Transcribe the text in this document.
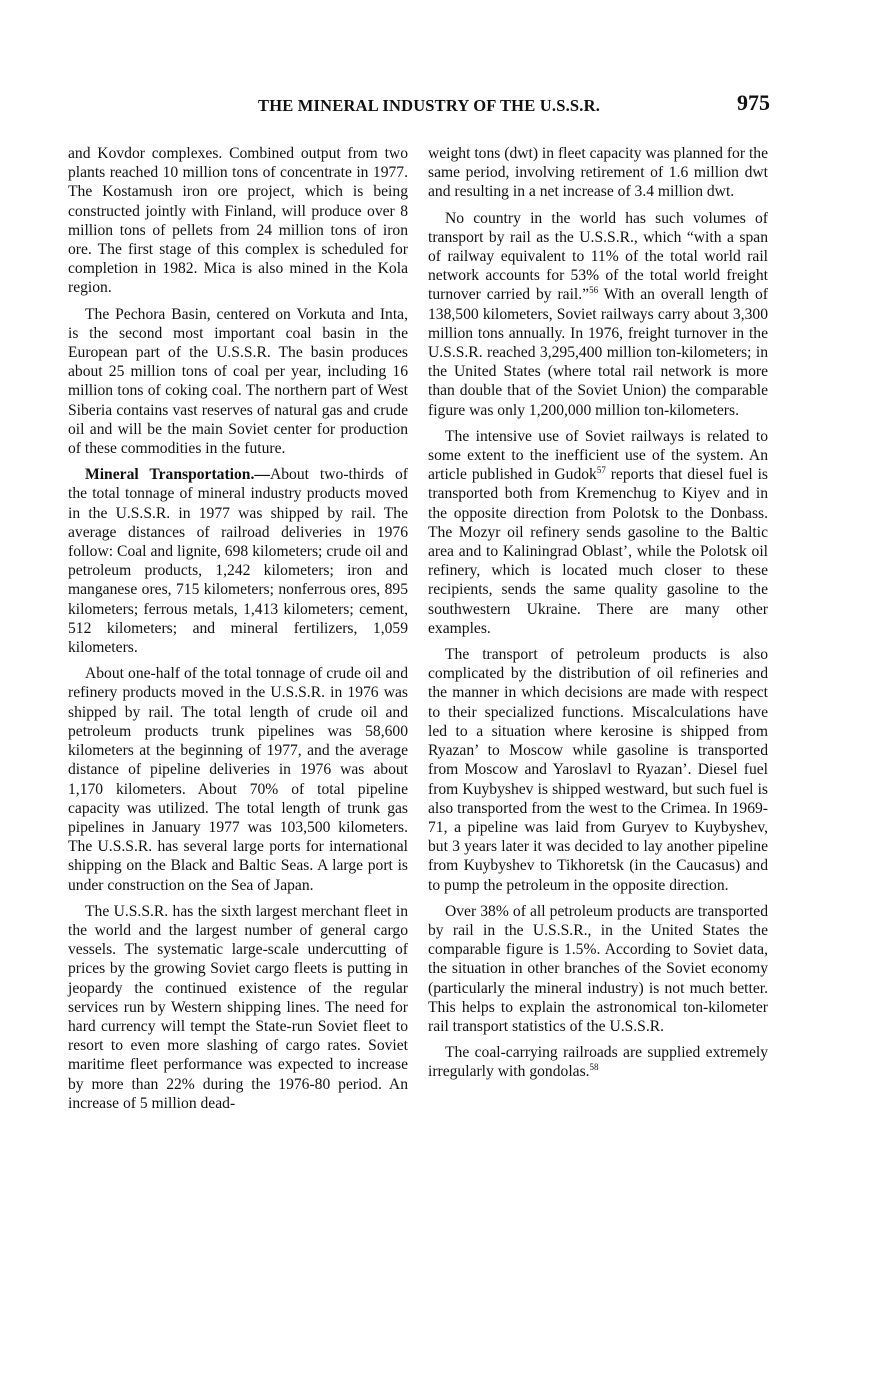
THE MINERAL INDUSTRY OF THE U.S.S.R.	975

and Kovdor complexes. Combined output from two plants reached 10 million tons of concentrate in 1977. The Kostamush iron ore project, which is being constructed jointly with Finland, will produce over 8 million tons of pellets from 24 million tons of iron ore. The first stage of this complex is scheduled for completion in 1982. Mica is also mined in the Kola region.

The Pechora Basin, centered on Vorkuta and Inta, is the second most important coal basin in the European part of the U.S.S.R. The basin produces about 25 million tons of coal per year, including 16 million tons of coking coal. The northern part of West Siberia contains vast reserves of natural gas and crude oil and will be the main Soviet center for production of these commodities in the future.

Mineral Transportation.—About two-thirds of the total tonnage of mineral industry products moved in the U.S.S.R. in 1977 was shipped by rail. The average distances of railroad deliveries in 1976 follow: Coal and lignite, 698 kilometers; crude oil and petroleum products, 1,242 kilometers; iron and manganese ores, 715 kilometers; nonferrous ores, 895 kilometers; ferrous metals, 1,413 kilometers; cement, 512 kilometers; and mineral fertilizers, 1,059 kilometers.

About one-half of the total tonnage of crude oil and refinery products moved in the U.S.S.R. in 1976 was shipped by rail. The total length of crude oil and petroleum products trunk pipelines was 58,600 kilometers at the beginning of 1977, and the average distance of pipeline deliveries in 1976 was about 1,170 kilometers. About 70% of total pipeline capacity was utilized. The total length of trunk gas pipelines in January 1977 was 103,500 kilometers. The U.S.S.R. has several large ports for international shipping on the Black and Baltic Seas. A large port is under construction on the Sea of Japan.

The U.S.S.R. has the sixth largest merchant fleet in the world and the largest number of general cargo vessels. The systematic large-scale undercutting of prices by the growing Soviet cargo fleets is putting in jeopardy the continued existence of the regular services run by Western shipping lines. The need for hard currency will tempt the State-run Soviet fleet to resort to even more slashing of cargo rates. Soviet maritime fleet performance was expected to increase by more than 22% during the 1976-80 period. An increase of 5 million dead-

weight tons (dwt) in fleet capacity was planned for the same period, involving retirement of 1.6 million dwt and resulting in a net increase of 3.4 million dwt.

No country in the world has such volumes of transport by rail as the U.S.S.R., which “with a span of railway equivalent to 11% of the total world rail network accounts for 53% of the total world freight turnover carried by rail.”$^{56}$ With an overall length of 138,500 kilometers, Soviet railways carry about 3,300 million tons annually. In 1976, freight turnover in the U.S.S.R. reached 3,295,400 million ton-kilometers; in the United States (where total rail network is more than double that of the Soviet Union) the comparable figure was only 1,200,000 million ton-kilometers.

The intensive use of Soviet railways is related to some extent to the inefficient use of the system. An article published in Gudok$^{57}$ reports that diesel fuel is transported both from Kremenchug to Kiyev and in the opposite direction from Polotsk to the Donbass. The Mozyr oil refinery sends gasoline to the Baltic area and to Kaliningrad Oblast’, while the Polotsk oil refinery, which is located much closer to these recipients, sends the same quality gasoline to the southwestern Ukraine. There are many other examples.

The transport of petroleum products is also complicated by the distribution of oil refineries and the manner in which decisions are made with respect to their specialized functions. Miscalculations have led to a situation where kerosine is shipped from Ryazan’ to Moscow while gasoline is transported from Moscow and Yaroslavl to Ryazan’. Diesel fuel from Kuybyshev is shipped westward, but such fuel is also transported from the west to the Crimea. In 1969-71, a pipeline was laid from Guryev to Kuybyshev, but 3 years later it was decided to lay another pipeline from Kuybyshev to Tikhoretsk (in the Caucasus) and to pump the petroleum in the opposite direction.

Over 38% of all petroleum products are transported by rail in the U.S.S.R., in the United States the comparable figure is 1.5%. According to Soviet data, the situation in other branches of the Soviet economy (particularly the mineral industry) is not much better. This helps to explain the astronomical ton-kilometer rail transport statistics of the U.S.S.R.

The coal-carrying railroads are supplied extremely irregularly with gondolas.$^{58}$
